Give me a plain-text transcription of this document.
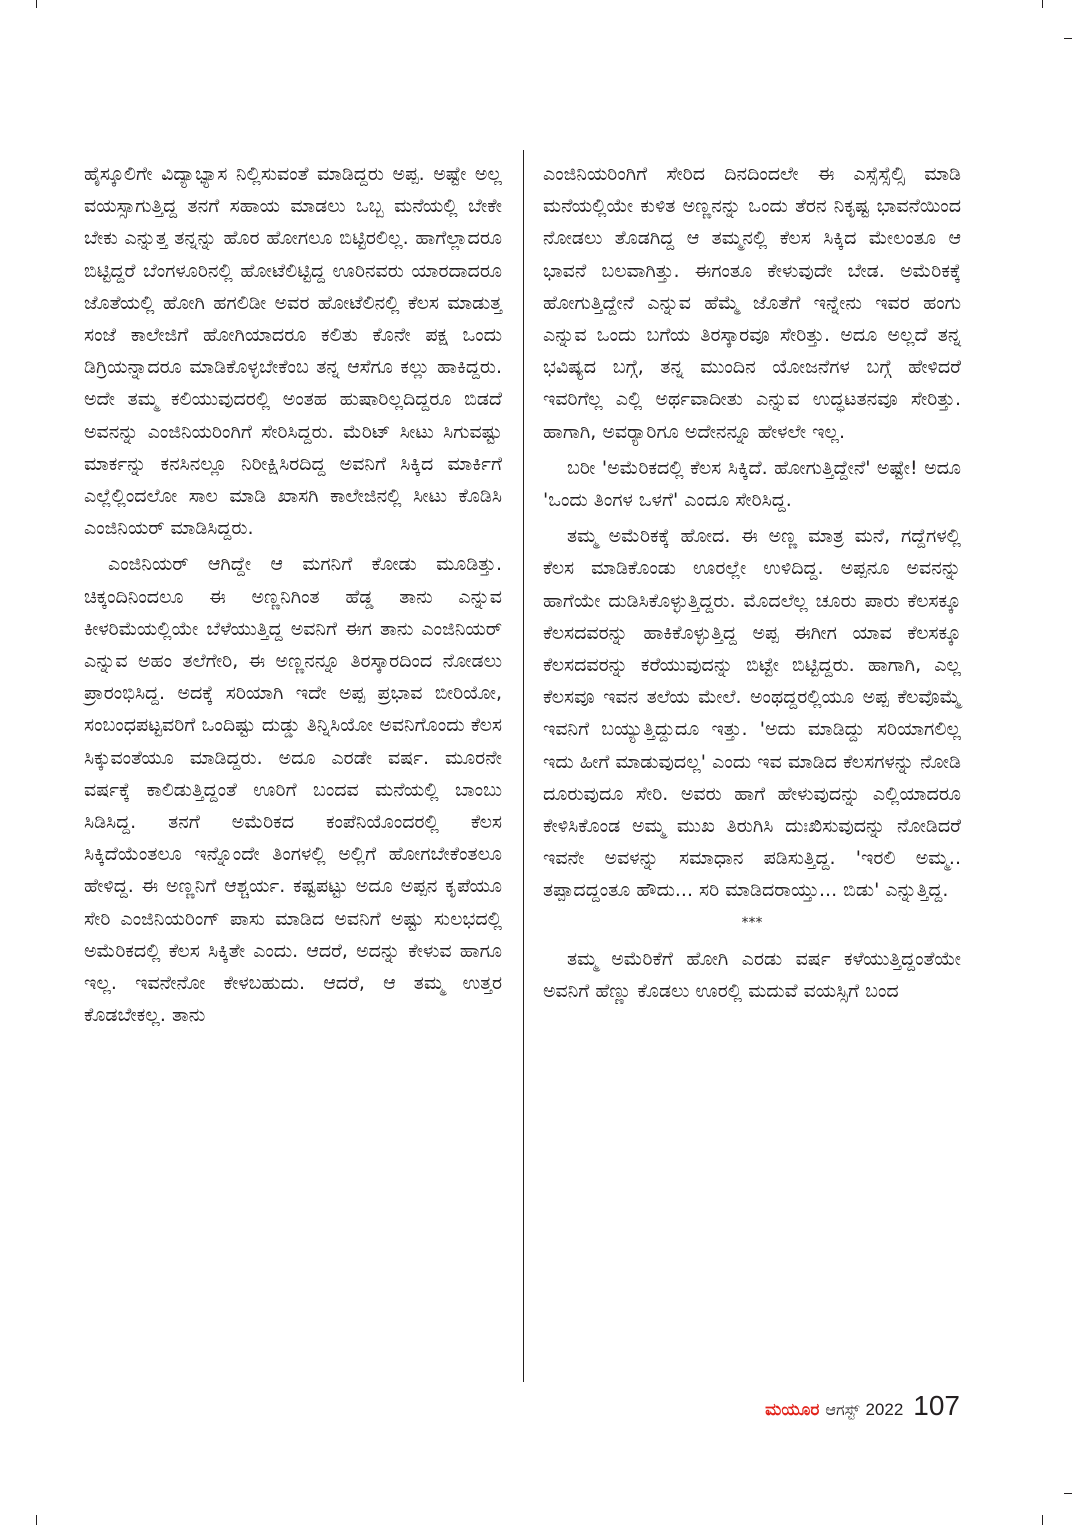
ಹೈಸ್ಕೂಲಿಗೇ ವಿದ್ಯಾಭ್ಯಾಸ ನಿಲ್ಲಿಸುವಂತೆ ಮಾಡಿದ್ದರು ಅಪ್ಪ. ಅಷ್ಟೇ ಅಲ್ಲ ವಯಸ್ಸಾಗುತ್ತಿದ್ದ ತನಗೆ ಸಹಾಯ ಮಾಡಲು ಒಬ್ಬ ಮನೆಯಲ್ಲಿ ಬೇಕೇ ಬೇಕು ಎನ್ನುತ್ತ ತನ್ನನ್ನು ಹೊರ ಹೋಗಲೂ ಬಿಟ್ಟಿರಲಿಲ್ಲ. ಹಾಗೆಲ್ಲಾದರೂ ಬಿಟ್ಟಿದ್ದರೆ ಬೆಂಗಳೂರಿನಲ್ಲಿ ಹೋಟೆಲಿಟ್ಟಿದ್ದ ಊರಿನವರು ಯಾರದಾದರೂ ಜೊತೆಯಲ್ಲಿ ಹೋಗಿ ಹಗಲಿಡೀ ಅವರ ಹೋಟೆಲಿನಲ್ಲಿ ಕೆಲಸ ಮಾಡುತ್ತ ಸಂಜೆ ಕಾಲೇಜಿಗೆ ಹೋಗಿಯಾದರೂ ಕಲಿತು ಕೊನೇ ಪಕ್ಷ ಒಂದು ಡಿಗ್ರಿಯನ್ನಾದರೂ ಮಾಡಿಕೊಳ್ಳಬೇಕೆಂಬ ತನ್ನ ಆಸೆಗೂ ಕಲ್ಲು ಹಾಕಿದ್ದರು. ಅದೇ ತಮ್ಮ ಕಲಿಯುವುದರಲ್ಲಿ ಅಂತಹ ಹುಷಾರಿಲ್ಲದಿದ್ದರೂ ಬಿಡದೆ ಅವನನ್ನು ಎಂಜಿನಿಯರಿಂಗಿಗೆ ಸೇರಿಸಿದ್ದರು. ಮೆರಿಟ್ ಸೀಟು ಸಿಗುವಷ್ಟು ಮಾರ್ಕನ್ನು ಕನಸಿನಲ್ಲೂ ನಿರೀಕ್ಷಿಸಿರದಿದ್ದ ಅವನಿಗೆ ಸಿಕ್ಕಿದ ಮಾರ್ಕಿಗೆ ಎಲ್ಲೆಲ್ಲಿಂದಲೋ ಸಾಲ ಮಾಡಿ ಖಾಸಗಿ ಕಾಲೇಜಿನಲ್ಲಿ ಸೀಟು ಕೊಡಿಸಿ ಎಂಜಿನಿಯರ್ ಮಾಡಿಸಿದ್ದರು.

ಎಂಜಿನಿಯರ್ ಆಗಿದ್ದೇ ಆ ಮಗನಿಗೆ ಕೋಡು ಮೂಡಿತ್ತು. ಚಿಕ್ಕಂದಿನಿಂದಲೂ ಈ ಅಣ್ಣನಿಗಿಂತ ಹೆಡ್ಡ ತಾನು ಎನ್ನುವ ಕೀಳರಿಮೆಯಲ್ಲಿಯೇ ಬೆಳೆಯುತ್ತಿದ್ದ ಅವನಿಗೆ ಈಗ ತಾನು ಎಂಜಿನಿಯರ್ ಎನ್ನುವ ಅಹಂ ತಲೆಗೇರಿ, ಈ ಅಣ್ಣನನ್ನೂ ತಿರಸ್ಕಾರದಿಂದ ನೋಡಲು ಪ್ರಾರಂಭಿಸಿದ್ದ. ಅದಕ್ಕೆ ಸರಿಯಾಗಿ ಇದೇ ಅಪ್ಪ ಪ್ರಭಾವ ಬೀರಿಯೋ, ಸಂಬಂಧಪಟ್ಟವರಿಗೆ ಒಂದಿಷ್ಟು ದುಡ್ಡು ತಿನ್ನಿಸಿಯೋ ಅವನಿಗೊಂದು ಕೆಲಸ ಸಿಕ್ಕುವಂತೆಯೂ ಮಾಡಿದ್ದರು. ಅದೂ ಎರಡೇ ವರ್ಷ. ಮೂರನೇ ವರ್ಷಕ್ಕೆ ಕಾಲಿಡುತ್ತಿದ್ದಂತೆ ಊರಿಗೆ ಬಂದವ ಮನೆಯಲ್ಲಿ ಬಾಂಬು ಸಿಡಿಸಿದ್ದ. ತನಗೆ ಅಮೆರಿಕದ ಕಂಪೆನಿಯೊಂದರಲ್ಲಿ ಕೆಲಸ ಸಿಕ್ಕಿದೆಯೆಂತಲೂ ಇನ್ನೊಂದೇ ತಿಂಗಳಲ್ಲಿ ಅಲ್ಲಿಗೆ ಹೋಗಬೇಕೆಂತಲೂ ಹೇಳಿದ್ದ. ಈ ಅಣ್ಣನಿಗೆ ಆಶ್ಚರ್ಯ. ಕಷ್ಟಪಟ್ಟು ಅದೂ ಅಪ್ಪನ ಕೃಪೆಯೂ ಸೇರಿ ಎಂಜಿನಿಯರಿಂಗ್ ಪಾಸು ಮಾಡಿದ ಅವನಿಗೆ ಅಷ್ಟು ಸುಲಭದಲ್ಲಿ ಅಮೆರಿಕದಲ್ಲಿ ಕೆಲಸ ಸಿಕ್ಕಿತೇ ಎಂದು. ಆದರೆ, ಅದನ್ನು ಕೇಳುವ ಹಾಗೂ ಇಲ್ಲ. ಇವನೇನೋ ಕೇಳಬಹುದು. ಆದರೆ, ಆ ತಮ್ಮ ಉತ್ತರ ಕೊಡಬೇಕಲ್ಲ. ತಾನು

ಎಂಜಿನಿಯರಿಂಗಿಗೆ ಸೇರಿದ ದಿನದಿಂದಲೇ ಈ ಎಸ್ಸೆಸ್ಸೆಲ್ಸಿ ಮಾಡಿ ಮನೆಯಲ್ಲಿಯೇ ಕುಳಿತ ಅಣ್ಣನನ್ನು ಒಂದು ತೆರನ ನಿಕೃಷ್ಟ ಭಾವನೆಯಿಂದ ನೋಡಲು ತೊಡಗಿದ್ದ ಆ ತಮ್ಮನಲ್ಲಿ ಕೆಲಸ ಸಿಕ್ಕಿದ ಮೇಲಂತೂ ಆ ಭಾವನೆ ಬಲವಾಗಿತ್ತು. ಈಗಂತೂ ಕೇಳುವುದೇ ಬೇಡ. ಅಮೆರಿಕಕ್ಕೆ ಹೋಗುತ್ತಿದ್ದೇನೆ ಎನ್ನುವ ಹೆಮ್ಮೆ ಜೊತೆಗೆ ಇನ್ನೇನು ಇವರ ಹಂಗು ಎನ್ನುವ ಒಂದು ಬಗೆಯ ತಿರಸ್ಕಾರವೂ ಸೇರಿತ್ತು. ಅದೂ ಅಲ್ಲದೆ ತನ್ನ ಭವಿಷ್ಯದ ಬಗ್ಗೆ, ತನ್ನ ಮುಂದಿನ ಯೋಜನೆಗಳ ಬಗ್ಗೆ ಹೇಳಿದರೆ ಇವರಿಗೆಲ್ಲ ಎಲ್ಲಿ ಅರ್ಥವಾದೀತು ಎನ್ನುವ ಉದ್ಧಟತನವೂ ಸೇರಿತ್ತು. ಹಾಗಾಗಿ, ಅವರ್‍ಯಾರಿಗೂ ಅದೇನನ್ನೂ ಹೇಳಲೇ ಇಲ್ಲ.

ಬರೀ 'ಅಮೆರಿಕದಲ್ಲಿ ಕೆಲಸ ಸಿಕ್ಕಿದೆ. ಹೋಗುತ್ತಿದ್ದೇನೆ' ಅಷ್ಟೇ! ಅದೂ 'ಒಂದು ತಿಂಗಳ ಒಳಗೆ' ಎಂದೂ ಸೇರಿಸಿದ್ದ.

ತಮ್ಮ ಅಮೆರಿಕಕ್ಕೆ ಹೋದ. ಈ ಅಣ್ಣ ಮಾತ್ರ ಮನೆ, ಗದ್ದೆಗಳಲ್ಲಿ ಕೆಲಸ ಮಾಡಿಕೊಂಡು ಊರಲ್ಲೇ ಉಳಿದಿದ್ದ. ಅಪ್ಪನೂ ಅವನನ್ನು ಹಾಗೆಯೇ ದುಡಿಸಿಕೊಳ್ಳುತ್ತಿದ್ದರು. ಮೊದಲೆಲ್ಲ ಚೂರು ಪಾರು ಕೆಲಸಕ್ಕೂ ಕೆಲಸದವರನ್ನು ಹಾಕಿಕೊಳ್ಳುತ್ತಿದ್ದ ಅಪ್ಪ ಈಗೀಗ ಯಾವ ಕೆಲಸಕ್ಕೂ ಕೆಲಸದವರನ್ನು ಕರೆಯುವುದನ್ನು ಬಿಟ್ಟೇ ಬಿಟ್ಟಿದ್ದರು. ಹಾಗಾಗಿ, ಎಲ್ಲ ಕೆಲಸವೂ ಇವನ ತಲೆಯ ಮೇಲೆ. ಅಂಥದ್ದರಲ್ಲಿಯೂ ಅಪ್ಪ ಕೆಲವೊಮ್ಮೆ ಇವನಿಗೆ ಬಯ್ಯುತ್ತಿದ್ದುದೂ ಇತ್ತು. 'ಅದು ಮಾಡಿದ್ದು ಸರಿಯಾಗಲಿಲ್ಲ ಇದು ಹೀಗೆ ಮಾಡುವುದಲ್ಲ' ಎಂದು ಇವ ಮಾಡಿದ ಕೆಲಸಗಳನ್ನು ನೋಡಿ ದೂರುವುದೂ ಸೇರಿ. ಅವರು ಹಾಗೆ ಹೇಳುವುದನ್ನು ಎಲ್ಲಿಯಾದರೂ ಕೇಳಿಸಿಕೊಂಡ ಅಮ್ಮ ಮುಖ ತಿರುಗಿಸಿ ದುಃಖಿಸುವುದನ್ನು ನೋಡಿದರೆ ಇವನೇ ಅವಳನ್ನು ಸಮಾಧಾನ ಪಡಿಸುತ್ತಿದ್ದ. 'ಇರಲಿ ಅಮ್ಮ.. ತಪ್ಪಾದದ್ದಂತೂ ಹೌದು... ಸರಿ ಮಾಡಿದರಾಯ್ತು... ಬಿಡು' ಎನ್ನುತ್ತಿದ್ದ.

***

ತಮ್ಮ ಅಮೆರಿಕೆಗೆ ಹೋಗಿ ಎರಡು ವರ್ಷ ಕಳೆಯುತ್ತಿದ್ದಂತೆಯೇ ಅವನಿಗೆ ಹೆಣ್ಣು ಕೊಡಲು ಊರಲ್ಲಿ ಮದುವೆ ವಯಸ್ಸಿಗೆ ಬಂದ

ಮಯೂರ ಆಗಸ್ಟ್ 2022 107
